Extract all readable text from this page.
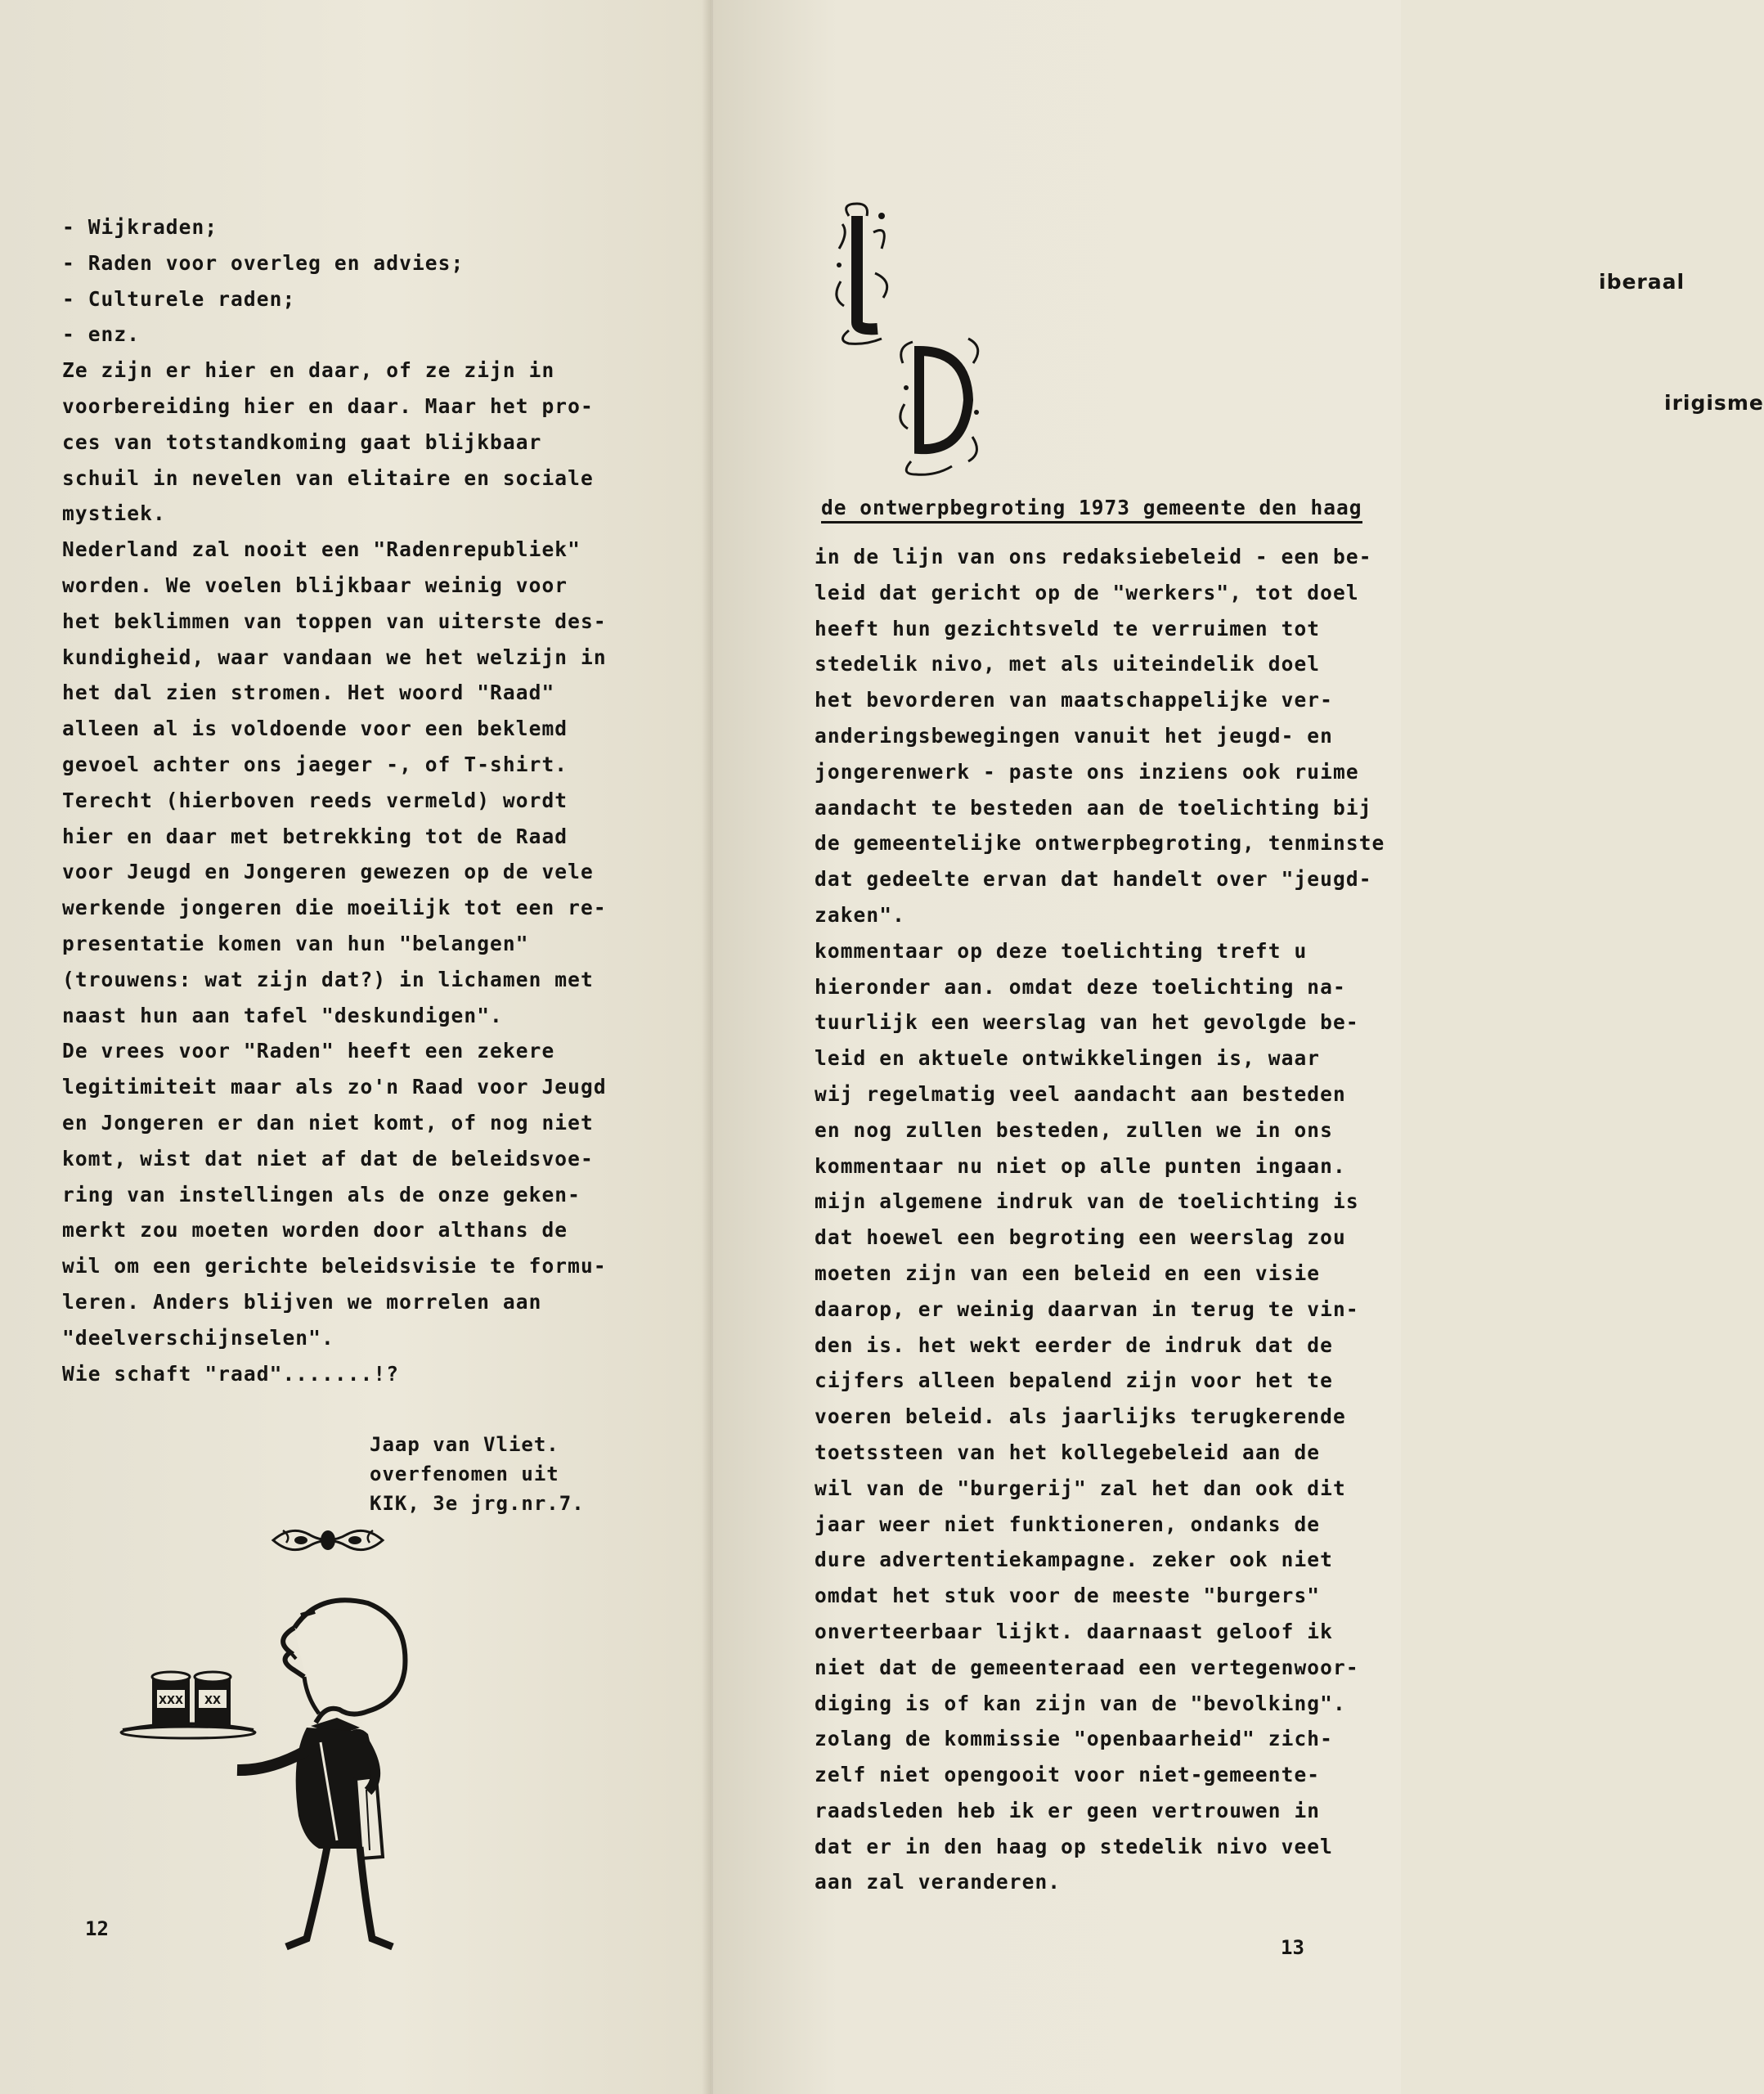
- Wijkraden;
- Raden voor overleg en advies;
- Culturele raden;
- enz.
Ze zijn er hier en daar, of ze zijn in
voorbereiding hier en daar. Maar het pro-
ces van totstandkoming gaat blijkbaar
schuil in nevelen van elitaire en sociale
mystiek.
Nederland zal nooit een "Radenrepubliek"
worden. We voelen blijkbaar weinig voor
het beklimmen van toppen van uiterste des-
kundigheid, waar vandaan we het welzijn in
het dal zien stromen. Het woord "Raad"
alleen al is voldoende voor een beklemd
gevoel achter ons jaeger -, of T-shirt.
Terecht (hierboven reeds vermeld) wordt
hier en daar met betrekking tot de Raad
voor Jeugd en Jongeren gewezen op de vele
werkende jongeren die moeilijk tot een re-
presentatie komen van hun "belangen"
(trouwens: wat zijn dat?) in lichamen met
naast hun aan tafel "deskundigen".
De vrees voor "Raden" heeft een zekere
legitimiteit maar als zo'n Raad voor Jeugd
en Jongeren er dan niet komt, of nog niet
komt, wist dat niet af dat de beleidsvoe-
ring van instellingen als de onze geken-
merkt zou moeten worden door althans de
wil om een gerichte beleidsvisie te formu-
leren. Anders blijven we morrelen aan
"deelverschijnselen".
Wie schaft "raad".......!?
Jaap van Vliet.
overfenomen uit
KIK, 3e jrg.nr.7.
XXX XX
12
iberaal
irigisme
de ontwerpbegroting 1973 gemeente den haag
in de lijn van ons redaksiebeleid - een be-
leid dat gericht op de "werkers", tot doel
heeft hun gezichtsveld te verruimen tot
stedelik nivo, met als uiteindelik doel
het bevorderen van maatschappelijke ver-
anderingsbewegingen vanuit het jeugd- en
jongerenwerk - paste ons inziens ook ruime
aandacht te besteden aan de toelichting bij
de gemeentelijke ontwerpbegroting, tenminste
dat gedeelte ervan dat handelt over "jeugd-
zaken".
kommentaar op deze toelichting treft u
hieronder aan. omdat deze toelichting na-
tuurlijk een weerslag van het gevolgde be-
leid en aktuele ontwikkelingen is, waar
wij regelmatig veel aandacht aan besteden
en nog zullen besteden, zullen we in ons
kommentaar nu niet op alle punten ingaan.
mijn algemene indruk van de toelichting is
dat hoewel een begroting een weerslag zou
moeten zijn van een beleid en een visie
daarop, er weinig daarvan in terug te vin-
den is. het wekt eerder de indruk dat de
cijfers alleen bepalend zijn voor het te
voeren beleid. als jaarlijks terugkerende
toetssteen van het kollegebeleid aan de
wil van de "burgerij" zal het dan ook dit
jaar weer niet funktioneren, ondanks de
dure advertentiekampagne. zeker ook niet
omdat het stuk voor de meeste "burgers"
onverteerbaar lijkt. daarnaast geloof ik
niet dat de gemeenteraad een vertegenwoor-
diging is of kan zijn van de "bevolking".
zolang de kommissie "openbaarheid" zich-
zelf niet opengooit voor niet-gemeente-
raadsleden heb ik er geen vertrouwen in
dat er in den haag op stedelik nivo veel
aan zal veranderen.
13
